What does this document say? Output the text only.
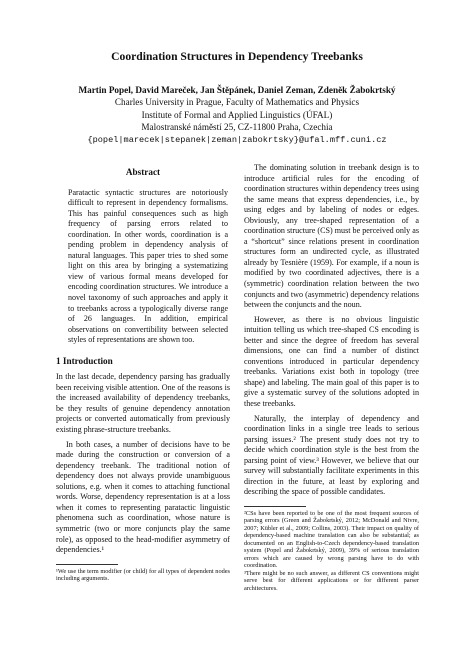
Coordination Structures in Dependency Treebanks
Martin Popel, David Mareček, Jan Štěpánek, Daniel Zeman, Zdeněk Žabokrtský
Charles University in Prague, Faculty of Mathematics and Physics
Institute of Formal and Applied Linguistics (ÚFAL)
Malostranské náměstí 25, CZ-11800 Praha, Czechia
{popel|marecek|stepanek|zeman|zabokrtsky}@ufal.mff.cuni.cz

Abstract

Paratactic syntactic structures are notoriously difficult to represent in dependency formalisms. This has painful consequences such as high frequency of parsing errors related to coordination. In other words, coordination is a pending problem in dependency analysis of natural languages. This paper tries to shed some light on this area by bringing a systematizing view of various formal means developed for encoding coordination structures. We introduce a novel taxonomy of such approaches and apply it to treebanks across a typologically diverse range of 26 languages. In addition, empirical observations on convertibility between selected styles of representations are shown too.

1 Introduction

In the last decade, dependency parsing has gradually been receiving visible attention. One of the reasons is the increased availability of dependency treebanks, be they results of genuine dependency annotation projects or converted automatically from previously existing phrase-structure treebanks.

In both cases, a number of decisions have to be made during the construction or conversion of a dependency treebank. The traditional notion of dependency does not always provide unambiguous solutions, e.g. when it comes to attaching functional words. Worse, dependency representation is at a loss when it comes to representing paratactic linguistic phenomena such as coordination, whose nature is symmetric (two or more conjuncts play the same role), as opposed to the head-modifier asymmetry of dependencies.¹

¹We use the term modifier (or child) for all types of dependent nodes including arguments.

The dominating solution in treebank design is to introduce artificial rules for the encoding of coordination structures within dependency trees using the same means that express dependencies, i.e., by using edges and by labeling of nodes or edges. Obviously, any tree-shaped representation of a coordination structure (CS) must be perceived only as a “shortcut” since relations present in coordination structures form an undirected cycle, as illustrated already by Tesnière (1959). For example, if a noun is modified by two coordinated adjectives, there is a (symmetric) coordination relation between the two conjuncts and two (asymmetric) dependency relations between the conjuncts and the noun.

However, as there is no obvious linguistic intuition telling us which tree-shaped CS encoding is better and since the degree of freedom has several dimensions, one can find a number of distinct conventions introduced in particular dependency treebanks. Variations exist both in topology (tree shape) and labeling. The main goal of this paper is to give a systematic survey of the solutions adopted in these treebanks.

Naturally, the interplay of dependency and coordination links in a single tree leads to serious parsing issues.² The present study does not try to decide which coordination style is the best from the parsing point of view.³ However, we believe that our survey will substantially facilitate experiments in this direction in the future, at least by exploring and describing the space of possible candidates.

²CSs have been reported to be one of the most frequent sources of parsing errors (Green and Žabokrtský, 2012; McDonald and Nivre, 2007; Kübler et al., 2009; Collins, 2003). Their impact on quality of dependency-based machine translation can also be substantial; as documented on an English-to-Czech dependency-based translation system (Popel and Žabokrtský, 2009), 39% of serious translation errors which are caused by wrong parsing have to do with coordination.

³There might be no such answer, as different CS conventions might serve best for different applications or for different parser architectures.
